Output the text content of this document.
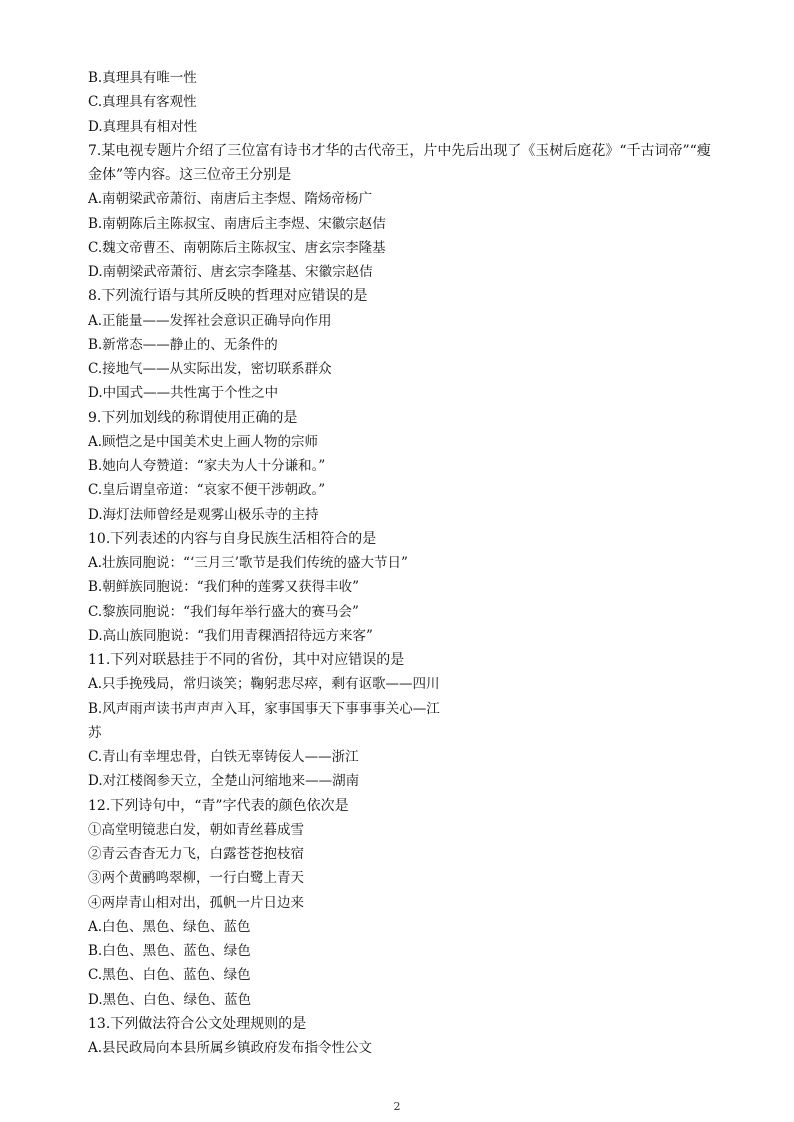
B.真理具有唯一性
C.真理具有客观性
D.真理具有相对性
7.某电视专题片介绍了三位富有诗书才华的古代帝王，片中先后出现了《玉树后庭花》“千古词帝”“瘦
金体”等内容。这三位帝王分别是
A.南朝梁武帝萧衍、南唐后主李煜、隋炀帝杨广
B.南朝陈后主陈叔宝、南唐后主李煜、宋徽宗赵佶
C.魏文帝曹丕、南朝陈后主陈叔宝、唐玄宗李隆基
D.南朝梁武帝萧衍、唐玄宗李隆基、宋徽宗赵佶
8.下列流行语与其所反映的哲理对应错误的是
A.正能量——发挥社会意识正确导向作用
B.新常态——静止的、无条件的
C.接地气——从实际出发，密切联系群众
D.中国式——共性寓于个性之中
9.下列加划线的称谓使用正确的是
A.顾恺之是中国美术史上画人物的宗师
B.她向人夸赞道：“家夫为人十分谦和。”
C.皇后谓皇帝道：“哀家不便干涉朝政。”
D.海灯法师曾经是观雾山极乐寺的主持
10.下列表述的内容与自身民族生活相符合的是
A.壮族同胞说：“‘三月三’歌节是我们传统的盛大节日”
B.朝鲜族同胞说：“我们种的莲雾又获得丰收”
C.黎族同胞说：“我们每年举行盛大的赛马会”
D.高山族同胞说：“我们用青稞酒招待远方来客”
11.下列对联悬挂于不同的省份，其中对应错误的是
A.只手挽残局，常归谈笑；鞠躬悲尽瘁，剩有讴歌——四川
B.风声雨声读书声声声入耳，家事国事天下事事事关心—江
苏
C.青山有幸埋忠骨，白铁无辜铸佞人——浙江
D.对江楼阁参天立，全楚山河缩地来——湖南
12.下列诗句中，“青”字代表的颜色依次是
①高堂明镜悲白发，朝如青丝暮成雪
②青云杳杳无力飞，白露苍苍抱枝宿
③两个黄鹂鸣翠柳，一行白鹭上青天
④两岸青山相对出，孤帆一片日边来
A.白色、黑色、绿色、蓝色
B.白色、黑色、蓝色、绿色
C.黑色、白色、蓝色、绿色
D.黑色、白色、绿色、蓝色
13.下列做法符合公文处理规则的是
A.县民政局向本县所属乡镇政府发布指令性公文
2
